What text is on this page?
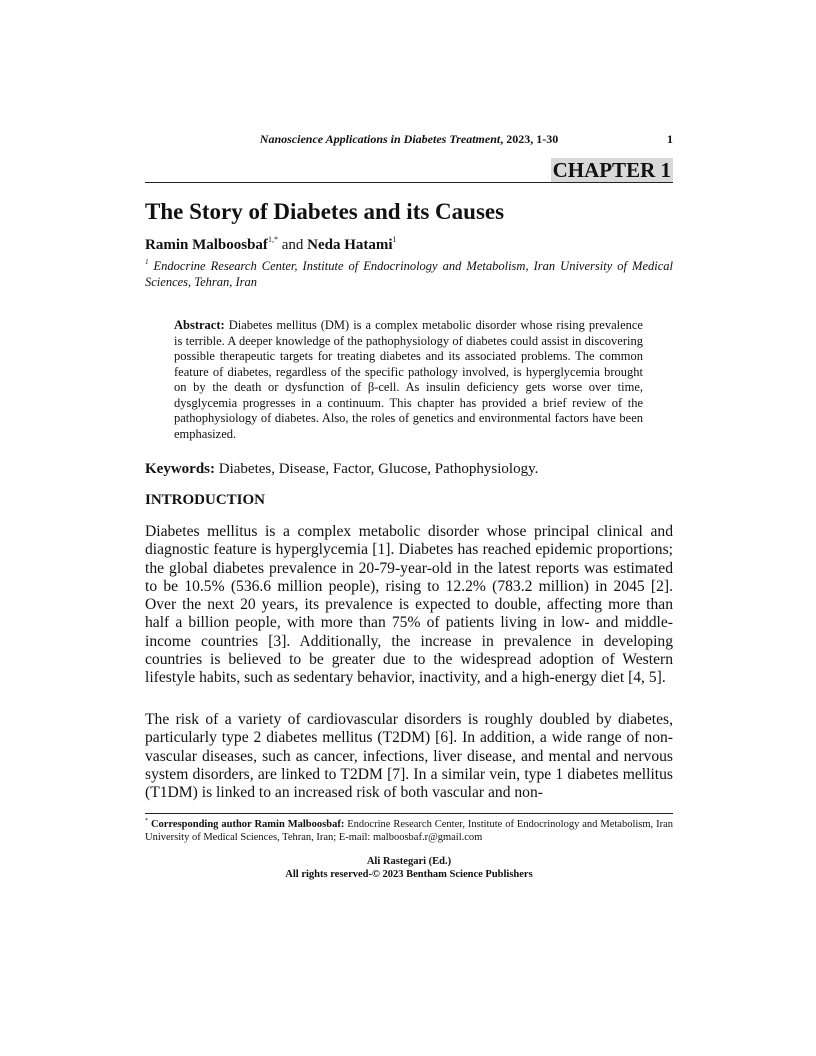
Nanoscience Applications in Diabetes Treatment, 2023, 1-30	1
CHAPTER 1
The Story of Diabetes and its Causes
Ramin Malboosbaf$^{1,*}$ and Neda Hatami$^1$
$^1$ Endocrine Research Center, Institute of Endocrinology and Metabolism, Iran University of Medical Sciences, Tehran, Iran
Abstract: Diabetes mellitus (DM) is a complex metabolic disorder whose rising prevalence is terrible. A deeper knowledge of the pathophysiology of diabetes could assist in discovering possible therapeutic targets for treating diabetes and its associated problems. The common feature of diabetes, regardless of the specific pathology involved, is hyperglycemia brought on by the death or dysfunction of β-cell. As insulin deficiency gets worse over time, dysglycemia progresses in a continuum. This chapter has provided a brief review of the pathophysiology of diabetes. Also, the roles of genetics and environmental factors have been emphasized.
Keywords: Diabetes, Disease, Factor, Glucose, Pathophysiology.
INTRODUCTION

Diabetes mellitus is a complex metabolic disorder whose principal clinical and diagnostic feature is hyperglycemia [1]. Diabetes has reached epidemic proportions; the global diabetes prevalence in 20-79-year-old in the latest reports was estimated to be 10.5% (536.6 million people), rising to 12.2% (783.2 million) in 2045 [2]. Over the next 20 years, its prevalence is expected to double, affecting more than half a billion people, with more than 75% of patients living in low- and middle-income countries [3]. Additionally, the increase in prevalence in developing countries is believed to be greater due to the widespread adoption of Western lifestyle habits, such as sedentary behavior, inactivity, and a high-energy diet [4, 5].

The risk of a variety of cardiovascular disorders is roughly doubled by diabetes, particularly type 2 diabetes mellitus (T2DM) [6]. In addition, a wide range of non-vascular diseases, such as cancer, infections, liver disease, and mental and nervous system disorders, are linked to T2DM [7]. In a similar vein, type 1 diabetes mellitus (T1DM) is linked to an increased risk of both vascular and non-

* Corresponding author Ramin Malboosbaf: Endocrine Research Center, Institute of Endocrinology and Metabolism, Iran University of Medical Sciences, Tehran, Iran; E-mail: malboosbaf.r@gmail.com
Ali Rastegari (Ed.)
All rights reserved-© 2023 Bentham Science Publishers
